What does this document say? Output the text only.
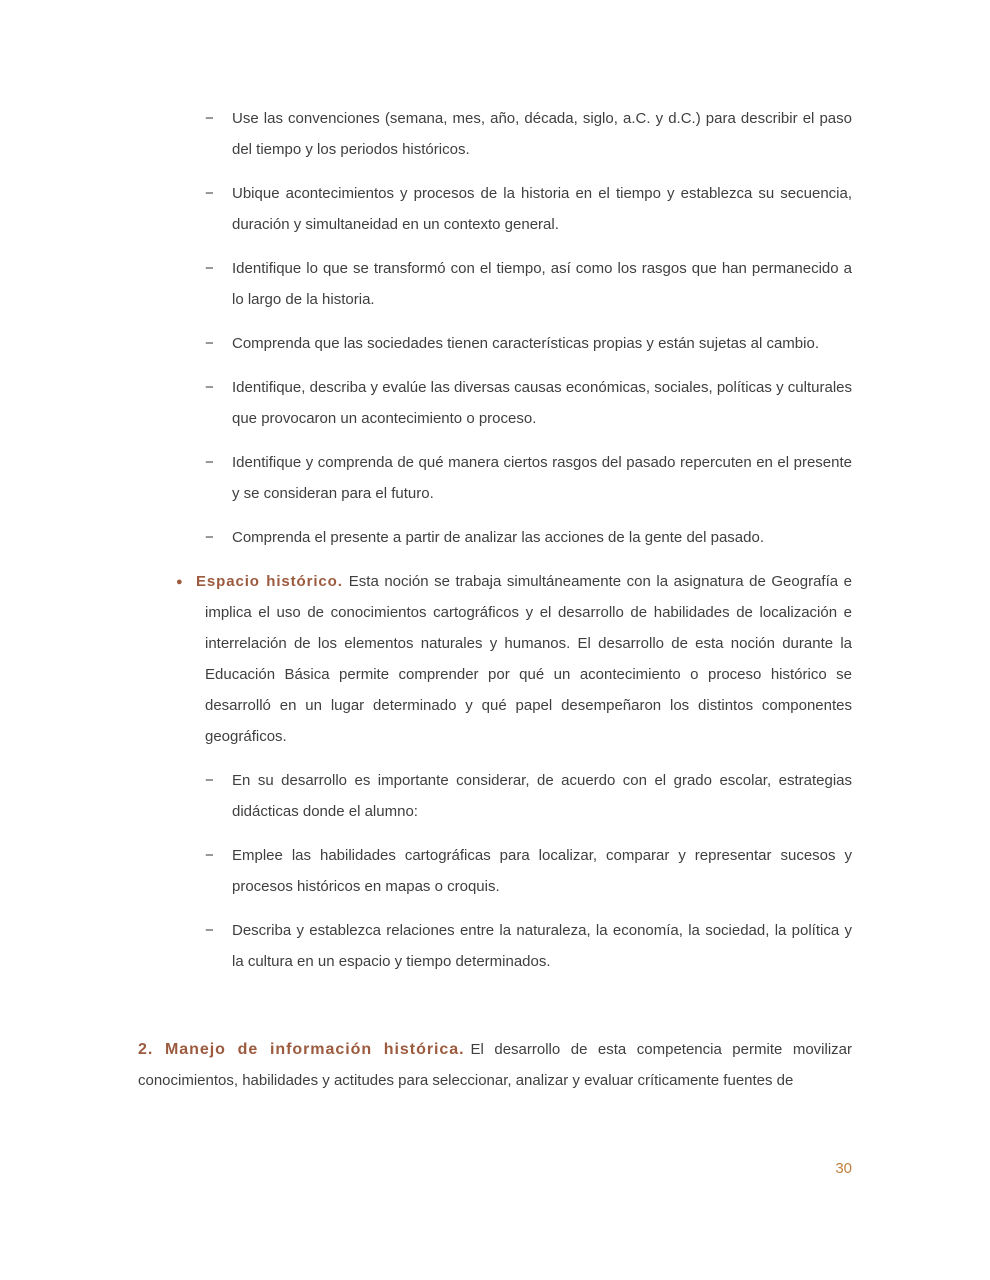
− Use las convenciones (semana, mes, año, década, siglo, a.C. y d.C.) para describir el paso del tiempo y los periodos históricos.
− Ubique acontecimientos y procesos de la historia en el tiempo y establezca su secuencia, duración y simultaneidad en un contexto general.
− Identifique lo que se transformó con el tiempo, así como los rasgos que han permanecido a lo largo de la historia.
− Comprenda que las sociedades tienen características propias y están sujetas al cambio.
− Identifique, describa y evalúe las diversas causas económicas, sociales, políticas y culturales que provocaron un acontecimiento o proceso.
− Identifique y comprenda de qué manera ciertos rasgos del pasado repercuten en el presente y se consideran para el futuro.
− Comprenda el presente a partir de analizar las acciones de la gente del pasado.
● Espacio histórico. Esta noción se trabaja simultáneamente con la asignatura de Geografía e implica el uso de conocimientos cartográficos y el desarrollo de habilidades de localización e interrelación de los elementos naturales y humanos. El desarrollo de esta noción durante la Educación Básica permite comprender por qué un acontecimiento o proceso histórico se desarrolló en un lugar determinado y qué papel desempeñaron los distintos componentes geográficos.
− En su desarrollo es importante considerar, de acuerdo con el grado escolar, estrategias didácticas donde el alumno:
− Emplee las habilidades cartográficas para localizar, comparar y representar sucesos y procesos históricos en mapas o croquis.
− Describa y establezca relaciones entre la naturaleza, la economía, la sociedad, la política y la cultura en un espacio y tiempo determinados.

2. Manejo de información histórica. El desarrollo de esta competencia permite movilizar conocimientos, habilidades y actitudes para seleccionar, analizar y evaluar críticamente fuentes de

30
